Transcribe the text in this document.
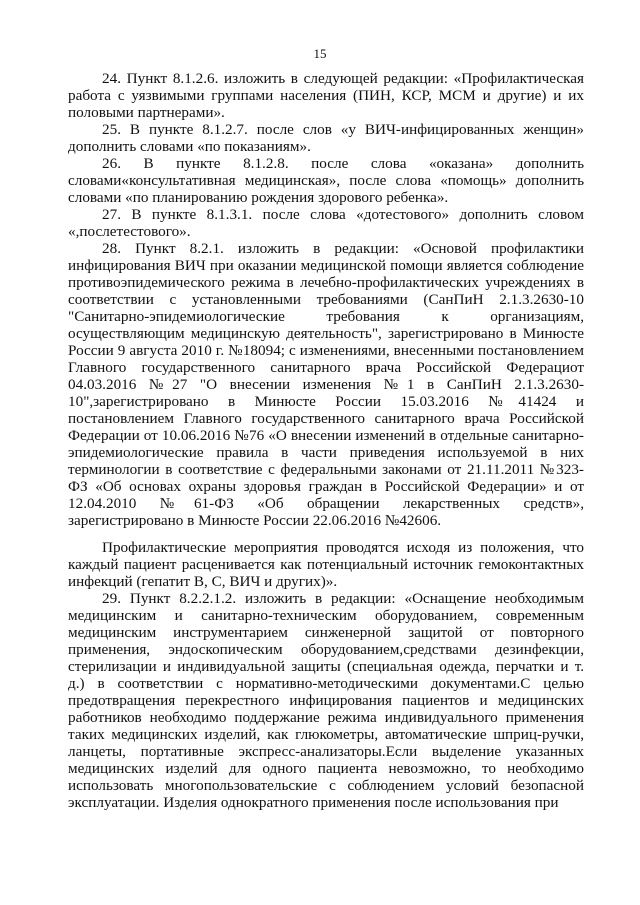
15

24. Пункт 8.1.2.6. изложить в следующей редакции: «Профилактическая работа с уязвимыми группами населения (ПИН, КСР, МСМ и другие) и их половыми партнерами».

25. В пункте 8.1.2.7. после слов «у ВИЧ-инфицированных женщин» дополнить словами «по показаниям».

26. В пункте 8.1.2.8. после слова «оказана» дополнить словами«консультативная медицинская», после слова «помощь» дополнить словами «по планированию рождения здорового ребенка».

27. В пункте 8.1.3.1. после слова «дотестового» дополнить словом «,послетестового».

28. Пункт 8.2.1. изложить в редакции: «Основой профилактики инфицирования ВИЧ при оказании медицинской помощи является соблюдение противоэпидемического режима в лечебно-профилактических учреждениях в соответствии с установленными требованиями (СанПиН 2.1.3.2630-10 "Санитарно-эпидемиологические требования к организациям, осуществляющим медицинскую деятельность", зарегистрировано в Минюсте России 9 августа 2010 г. №18094; с изменениями, внесенными постановлением Главного государственного санитарного врача Российской Федерациот 04.03.2016 №27 "О внесении изменения №1 в СанПиН 2.1.3.2630-10",зарегистрировано в Минюсте России 15.03.2016 №41424 и постановлением Главного государственного санитарного врача Российской Федерации от 10.06.2016 №76 «О внесении изменений в отдельные санитарно-эпидемиологические правила в части приведения используемой в них терминологии в соответствие с федеральными законами от 21.11.2011 №323-ФЗ «Об основах охраны здоровья граждан в Российской Федерации» и от 12.04.2010 №61-ФЗ «Об обращении лекарственных средств», зарегистрировано в Минюсте России 22.06.2016 №42606.

Профилактические мероприятия проводятся исходя из положения, что каждый пациент расценивается как потенциальный источник гемоконтактных инфекций (гепатит В, С, ВИЧ и других)».

29. Пункт 8.2.2.1.2. изложить в редакции: «Оснащение необходимым медицинским и санитарно-техническим оборудованием, современным медицинским инструментарием синженерной защитой от повторного применения, эндоскопическим оборудованием,средствами дезинфекции, стерилизации и индивидуальной защиты (специальная одежда, перчатки и т. д.) в соответствии с нормативно-методическими документами.С целью предотвращения перекрестного инфицирования пациентов и медицинских работников необходимо поддержание режима индивидуального применения таких медицинских изделий, как глюкометры, автоматические шприц-ручки, ланцеты, портативные экспресс-анализаторы.Если выделение указанных медицинских изделий для одного пациента невозможно, то необходимо использовать многопользовательские с соблюдением условий безопасной эксплуатации. Изделия однократного применения после использования при
